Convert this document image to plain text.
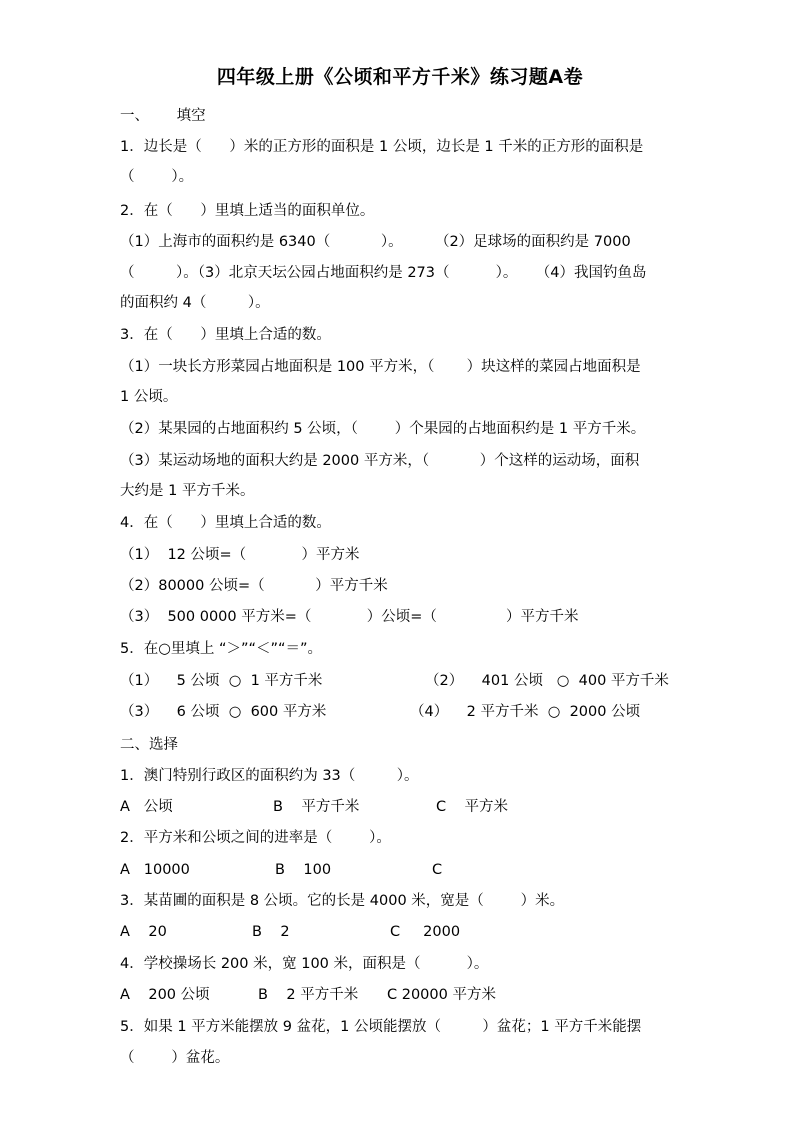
四年级上册《公顷和平方千米》练习题A卷
一、      填空
1．边长是（      ）米的正方形的面积是 1 公顷，边长是 1 千米的正方形的面积是
（        ）。
2．在（      ）里填上适当的面积单位。
（1）上海市的面积约是 6340（           ）。       （2）足球场的面积约是 7000
（         ）。（3）北京天坛公园占地面积约是 273（          ）。    （4）我国钓鱼岛
的面积约 4（         ）。
3．在（      ）里填上合适的数。
（1）一块长方形菜园占地面积是 100 平方米，（       ）块这样的菜园占地面积是
1 公顷。
（2）某果园的占地面积约 5 公顷，（        ）个果园的占地面积约是 1 平方千米。
（3）某运动场地的面积大约是 2000 平方米，（           ）个这样的运动场，面积
大约是 1 平方千米。
4．在（      ）里填上合适的数。
（1）  12 公顷=（            ）平方米
（2）80000 公顷=（           ）平方千米
（3）  500 0000 平方米=（            ）公顷=（               ）平方千米
5．在○里填上 “＞”“＜”“＝”。
（1）    5 公顷  ○  1 平方千米	（2）    401 公顷   ○  400 平方千米
（3）    6 公顷  ○  600 平方米	（4）    2 平方千米  ○  2000 公顷
二、选择
1．澳门特别行政区的面积约为 33（         ）。
A   公顷	B    平方千米	C    平方米
2．平方米和公顷之间的进率是（        ）。
A   10000	B    100	C
3．某苗圃的面积是 8 公顷。它的长是 4000 米，宽是（        ）米。
A    20	B    2	C     2000
4．学校操场长 200 米，宽 100 米，面积是（          ）。
A    200 公顷	B    2 平方千米 C 20000 平方米
5．如果 1 平方米能摆放 9 盆花，1 公顷能摆放（         ）盆花；1 平方千米能摆
（        ）盆花。
